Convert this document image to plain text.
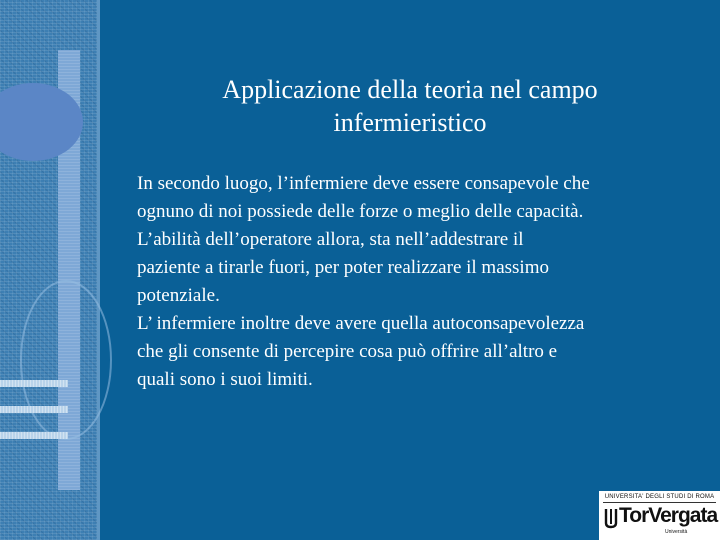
Applicazione della teoria nel campo
infermieristico

In secondo luogo, l’infermiere deve essere consapevole che
ognuno di noi possiede delle forze o meglio delle capacità.
L’abilità dell’operatore allora, sta nell’addestrare il
paziente a tirarle fuori, per poter realizzare il massimo
potenziale.

L’ infermiere inoltre deve avere quella autoconsapevolezza
che gli consente di percepire cosa può offrire all’altro e
quali sono i suoi limiti.

UNIVERSITA' DEGLI STUDI DI ROMA
TorVergata
Università
